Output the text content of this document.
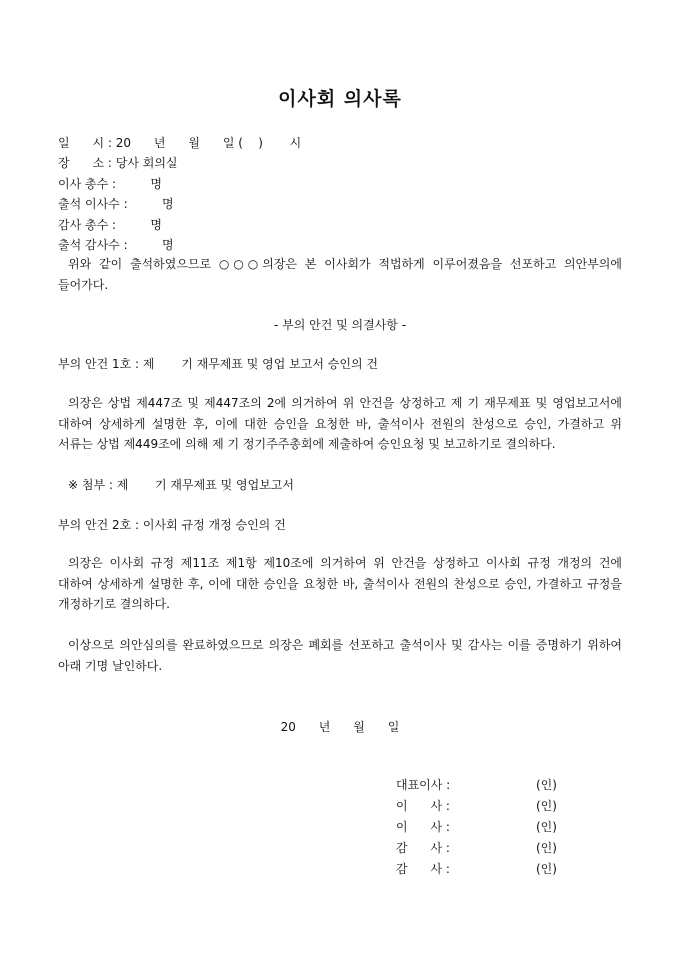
이사회 의사록
일      시 : 20      년      월      일 (    )       시
장      소 : 당사 회의실
이사 총수 :         명
출석 이사수 :         명
감사 총수 :         명
출석 감사수 :         명
위와 같이 출석하였으므로 ○○○의장은 본 이사회가 적법하게 이루어졌음을 선포하고 의안부의에 들어가다.
- 부의 안건 및 의결사항 -
부의 안건 1호 : 제       기 재무제표 및 영업 보고서 승인의 건
의장은 상법 제447조 및 제447조의 2에 의거하여 위 안건을 상정하고 제 기 재무제표 및 영업보고서에 대하여 상세하게 설명한 후, 이에 대한 승인을 요청한 바, 출석이사 전원의 찬성으로 승인, 가결하고 위 서류는 상법 제449조에 의해 제 기 정기주주총회에 제출하여 승인요청 및 보고하기로 결의하다.
※ 첨부 : 제       기 재무제표 및 영업보고서
부의 안건 2호 : 이사회 규정 개정 승인의 건
의장은 이사회 규정 제11조 제1항 제10조에 의거하여 위 안건을 상정하고 이사회 규정 개정의 건에 대하여 상세하게 설명한 후, 이에 대한 승인을 요청한 바, 출석이사 전원의 찬성으로 승인, 가결하고 규정을 개정하기로 결의하다.
이상으로 의안심의를 완료하였으므로 의장은 폐회를 선포하고 출석이사 및 감사는 이를 증명하기 위하여 아래 기명 날인하다.
20      년      월      일
대표이사 :	(인)
이      사 :	(인)
이      사 :	(인)
감      사 :	(인)
감      사 :	(인)
